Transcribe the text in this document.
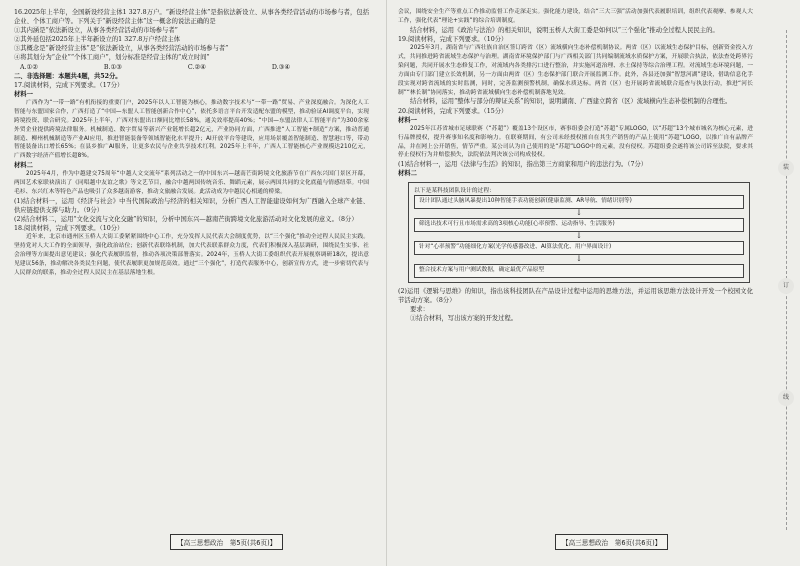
16.2025年上半年，全国新设经营主体1 327.8万户。“新设经营主体”是指依法新设立、从事各类经营活动的市场参与者，包括企业、个体工商户等。下列关于“新设经营主体”这一概念的说法正确的是

①其内涵是“依法新设立，从事各类经营活动的市场参与者”

②其外延包括2025年上半年新设立的1 327.8万户经营主体

③其概念是“新设经营主体”是“依法新设立，从事各类经营活动的市场参与者”

④将其划分为“企业”“个体工商户”，划分标准是经营主体的“成立时间”

A.①②	B.①③	C.②④	D.③④

二、非选择题：本题共4题，共52分。

17.阅读材料，完成下列要求。（17分）

材料一

广西作为“一带一路”有机衔接的重要门户，2025年以人工智能为核心，推动数字技术与“一带一路”贸易、产业深度融合。为深化人工智能与东盟国家合作，广西打造了“中国—东盟人工智能创新合作中心”，依托多语言平台开发适配东盟的模型，推动验证AI调度平台，实现跨境投资、联合研究。2025年上半年，广西对东盟出口额同比增长58%，通关效率提高40%；“中国—东盟法律人工智能平台”为300余家外贸企业提供跨境法律服务。机械制造、数字贸易等新兴产业链增长超2亿元，产业协同方面，广西推进“人工智能+制造”方案，推动普通制造、柳州机械制造等产业AI应用，推进智能装备等领域智能化水平提升；AI开放平台等建设，应用场景覆盖智能制造、智慧港口等，带动智能装备出口增长65%；在县乡推广AI服务，让更多农民与企业共享技术红利。2025年上半年，广西人工智能核心产业规模达210亿元，广西数字经济产值增长超8%。

材料二

2025年4月，作为中越建交75周年“中越人文交流年”系列活动之一的中国东兴—越南芒街跨境文化旅游节在广西东兴国门景区开幕，两国艺术家联袂演出了《同唱越中友谊之歌》等文艺节目，融合中越两国传统音乐、舞蹈元素，展示两国共同的文化底蕴与情感纽带。中国毛衫、东兴红木等特色产品也吸引了众多越南游客，推动文旅融合发展。此活动成为中越民心相通的桥梁。

(1)结合材料一，运用《经济与社会》中当代国际政治与经济的相关知识，分析广西人工智能建设如何为广西融入全球产业链、供应链提供支撑与助力。（9分）

(2)结合材料二，运用“文化交流与文化交融”的知识，分析中国东兴—越南芒街跨境文化旅游活动对文化发展的意义。（8分）

18.阅读材料，完成下列要求。（10分）

近年来，北京市通州区玉桥人大街工委紧紧围绕中心工作，充分发挥人民代表大会制度优势，以“三个强化”推动全过程人民民主实践。坚持党对人大工作的全面领导，强化政治站位；创新代表联络机制，加大代表联系群众力度，代表们积极深入基层调研，围绕民生实事、社会治理等方面提出意见建议；强化代表履职监督，推动各项决策部署落实。2024年，玉桥人大街工委组织代表开展视察调研18次，提出意见建议56条，推动解决各类民生问题，使代表履职更加规范高效。通过“三个强化”，打造代表服务中心，创新宣传方式，进一步密切代表与人民群众的联系，推动全过程人民民主在基层落地生根。

【高三思想政治　第5页(共6页)】

会议，围绕安全生产等重点工作推动监督工作走深走实。强化能力建设，结合“三大三强”活动加强代表履职培训，组织代表观摩、参观人大工作，强化代表“理论+实践”的综合培训制度。

结合材料，运用《政治与法治》的相关知识，说明玉桥人大街工委是如何以“三个强化”推动全过程人民民主的。

19.阅读材料，完成下列要求。（10分）

2025年3月，湖南省与广西壮族自治区签订跨省（区）流域横向生态补偿机制协议。两省（区）以流域生态保护目标，创新资金投入方式，共同推进跨省流域生态保护与治理。湖南省环境保护部门与广西相关部门共同编制流域水质保护方案，开展联合执法，依法查处跨界污染问题，共同开展水生态修复工作，对流域内各类排污口进行整治，并实施河道治理、水土保持等综合治理工程。对流域生态环境问题，一方面由专门部门建立长效机制，另一方面由两省（区）生态保护部门联合开展监测工作。此外，各县还加强“智慧河湖”建设，借助信息化手段实现对跨省流域的实时监测，同时，完善监测预警机制，确保水质达标。两省（区）也开展跨省流域联合巡查与执法行动，推进“河长制”“林长制”协同落实，推动跨省流域横向生态补偿机制落地见效。

结合材料，运用“整体与部分的辩证关系”的知识，说明湖南、广西建立跨省（区）流域横向生态补偿机制的合理性。

20.阅读材料，完成下列要求。（15分）

材料一

2025年江苏省城市足球联赛（“苏超”）覆盖13个设区市，赛事组委会打造“苏超”专属LOGO，以“苏超”13个城市城名为核心元素，进行品牌授权，提升赛事知名度和影响力。在联赛期间，有公司未经授权擅自在其生产销售的产品上使用“苏超”LOGO，以推广自有品牌产品，并在网上公开销售，情节严重。某公司认为自己使用的是“苏超”LOGO中的元素，没有侵权。苏超组委会遂将该公司诉至法院，要求其停止侵权行为并赔偿损失，法院依法判决该公司构成侵权。

(1)结合材料一，运用《法律与生活》的知识，指出第三方商家和用户的违法行为。（7分）

材料二

以下是某科技团队设计的过程：

设计团队通过头脑风暴提出10种智能手表功能创新(健康监测、AR导航、情绪识别等)

↓

筛选出技术可行且市场需求高的3项核心功能(心率预警、运动指导、生活服务)

↓

针对“心率预警”功能细化方案(光学传感器改进、AI算法优化、用户界面设计)

↓

整合技术方案与用户测试数据，确定最优产品原型

(2)运用《逻辑与思维》的知识，指出该科技团队在产品设计过程中运用的思维方法，并运用该思维方法设计开发一个校园文化节活动方案。（8分）

要求：

①结合材料，写出该方案的开发过程。

【高三思想政治　第6页(共6页)】
装
订
线
